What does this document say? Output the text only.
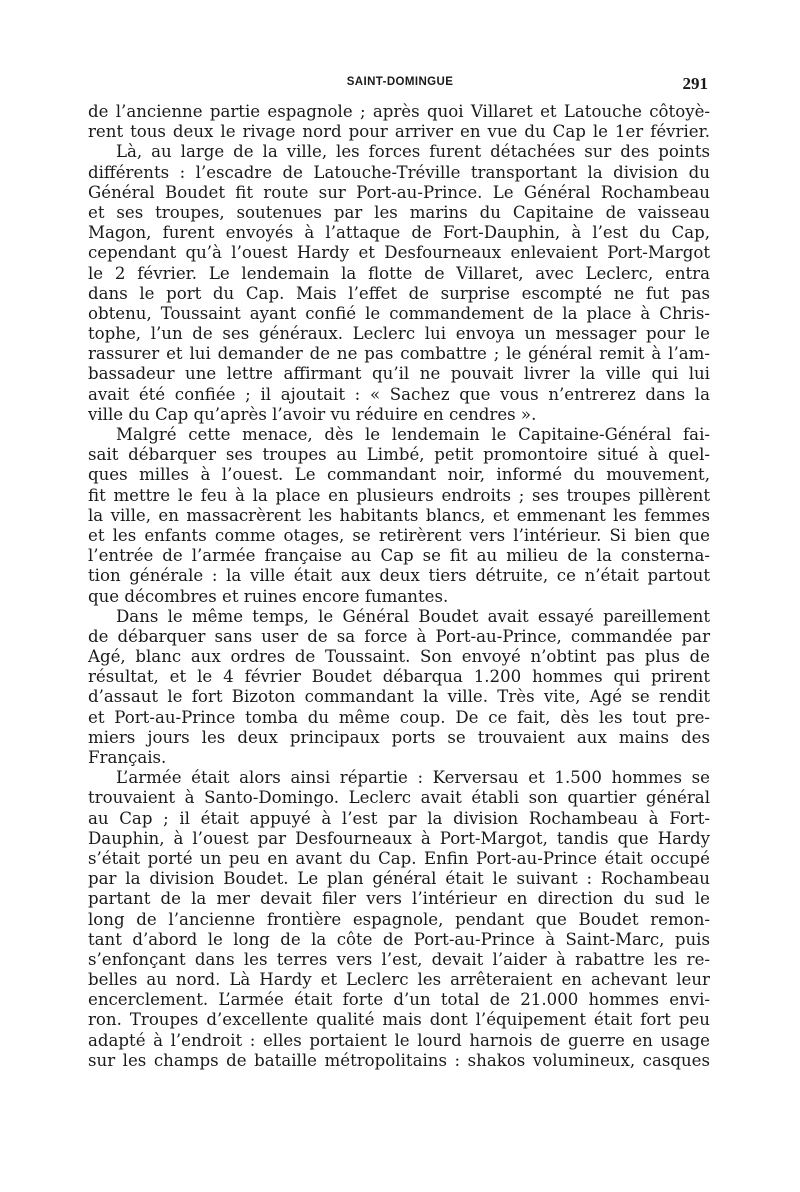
SAINT-DOMINGUE	291
de l’ancienne partie espagnole ; après quoi Villaret et Latouche côtoyè-
rent tous deux le rivage nord pour arriver en vue du Cap le 1er février.
Là, au large de la ville, les forces furent détachées sur des points
différents : l’escadre de Latouche-Tréville transportant la division du
Général Boudet fit route sur Port-au-Prince. Le Général Rochambeau
et ses troupes, soutenues par les marins du Capitaine de vaisseau
Magon, furent envoyés à l’attaque de Fort-Dauphin, à l’est du Cap,
cependant qu’à l’ouest Hardy et Desfourneaux enlevaient Port-Margot
le 2 février. Le lendemain la flotte de Villaret, avec Leclerc, entra
dans le port du Cap. Mais l’effet de surprise escompté ne fut pas
obtenu, Toussaint ayant confié le commandement de la place à Chris-
tophe, l’un de ses généraux. Leclerc lui envoya un messager pour le
rassurer et lui demander de ne pas combattre ; le général remit à l’am-
bassadeur une lettre affirmant qu’il ne pouvait livrer la ville qui lui
avait été confiée ; il ajoutait : « Sachez que vous n’entrerez dans la
ville du Cap qu’après l’avoir vu réduire en cendres ».
Malgré cette menace, dès le lendemain le Capitaine-Général fai-
sait débarquer ses troupes au Limbé, petit promontoire situé à quel-
ques milles à l’ouest. Le commandant noir, informé du mouvement,
fit mettre le feu à la place en plusieurs endroits ; ses troupes pillèrent
la ville, en massacrèrent les habitants blancs, et emmenant les femmes
et les enfants comme otages, se retirèrent vers l’intérieur. Si bien que
l’entrée de l’armée française au Cap se fit au milieu de la consterna-
tion générale : la ville était aux deux tiers détruite, ce n’était partout
que décombres et ruines encore fumantes.
Dans le même temps, le Général Boudet avait essayé pareillement
de débarquer sans user de sa force à Port-au-Prince, commandée par
Agé, blanc aux ordres de Toussaint. Son envoyé n’obtint pas plus de
résultat, et le 4 février Boudet débarqua 1.200 hommes qui prirent
d’assaut le fort Bizoton commandant la ville. Très vite, Agé se rendit
et Port-au-Prince tomba du même coup. De ce fait, dès les tout pre-
miers jours les deux principaux ports se trouvaient aux mains des
Français.
L’armée était alors ainsi répartie : Kerversau et 1.500 hommes se
trouvaient à Santo-Domingo. Leclerc avait établi son quartier général
au Cap ; il était appuyé à l’est par la division Rochambeau à Fort-
Dauphin, à l’ouest par Desfourneaux à Port-Margot, tandis que Hardy
s’était porté un peu en avant du Cap. Enfin Port-au-Prince était occupé
par la division Boudet. Le plan général était le suivant : Rochambeau
partant de la mer devait filer vers l’intérieur en direction du sud le
long de l’ancienne frontière espagnole, pendant que Boudet remon-
tant d’abord le long de la côte de Port-au-Prince à Saint-Marc, puis
s’enfonçant dans les terres vers l’est, devait l’aider à rabattre les re-
belles au nord. Là Hardy et Leclerc les arrêteraient en achevant leur
encerclement. L’armée était forte d’un total de 21.000 hommes envi-
ron. Troupes d’excellente qualité mais dont l’équipement était fort peu
adapté à l’endroit : elles portaient le lourd harnois de guerre en usage
sur les champs de bataille métropolitains : shakos volumineux, casques
